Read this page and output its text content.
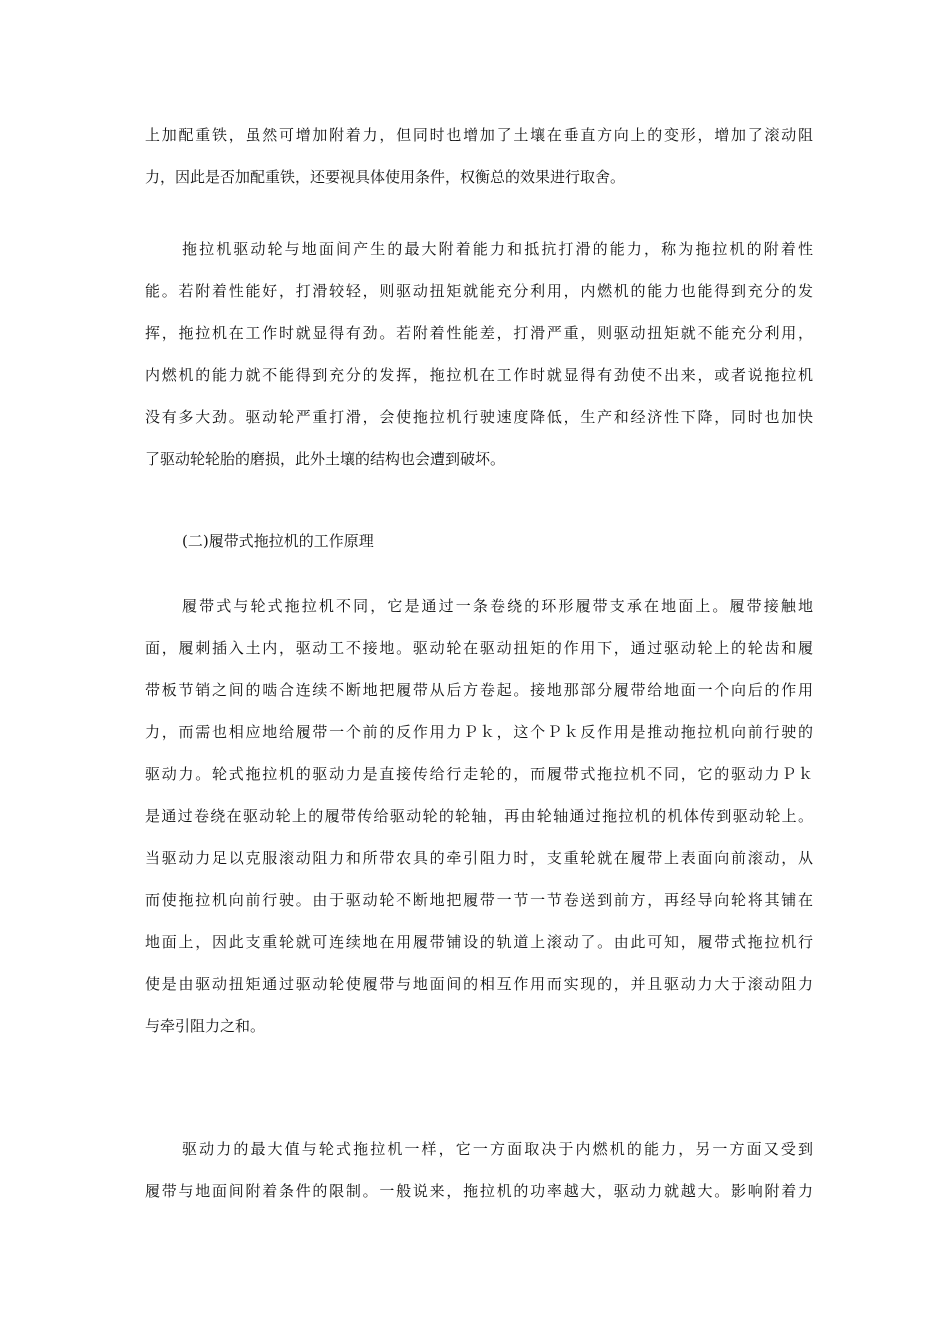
上加配重铁，虽然可增加附着力，但同时也增加了土壤在垂直方向上的变形，增加了滚动阻
力，因此是否加配重铁，还要视具体使用条件，权衡总的效果进行取舍。
拖拉机驱动轮与地面间产生的最大附着能力和抵抗打滑的能力，称为拖拉机的附着性
能。若附着性能好，打滑较轻，则驱动扭矩就能充分利用，内燃机的能力也能得到充分的发
挥，拖拉机在工作时就显得有劲。若附着性能差，打滑严重，则驱动扭矩就不能充分利用，
内燃机的能力就不能得到充分的发挥，拖拉机在工作时就显得有劲使不出来，或者说拖拉机
没有多大劲。驱动轮严重打滑，会使拖拉机行驶速度降低，生产和经济性下降，同时也加快
了驱动轮轮胎的磨损，此外土壤的结构也会遭到破坏。
(二)履带式拖拉机的工作原理
履带式与轮式拖拉机不同，它是通过一条卷绕的环形履带支承在地面上。履带接触地
面，履刺插入土内，驱动工不接地。驱动轮在驱动扭矩的作用下，通过驱动轮上的轮齿和履
带板节销之间的啮合连续不断地把履带从后方卷起。接地那部分履带给地面一个向后的作用
力，而需也相应地给履带一个前的反作用力Ｐｋ，这个Ｐｋ反作用是推动拖拉机向前行驶的
驱动力。轮式拖拉机的驱动力是直接传给行走轮的，而履带式拖拉机不同，它的驱动力Ｐｋ
是通过卷绕在驱动轮上的履带传给驱动轮的轮轴，再由轮轴通过拖拉机的机体传到驱动轮上。
当驱动力足以克服滚动阻力和所带农具的牵引阻力时，支重轮就在履带上表面向前滚动，从
而使拖拉机向前行驶。由于驱动轮不断地把履带一节一节卷送到前方，再经导向轮将其铺在
地面上，因此支重轮就可连续地在用履带铺设的轨道上滚动了。由此可知，履带式拖拉机行
使是由驱动扭矩通过驱动轮使履带与地面间的相互作用而实现的，并且驱动力大于滚动阻力
与牵引阻力之和。
驱动力的最大值与轮式拖拉机一样，它一方面取决于内燃机的能力，另一方面又受到
履带与地面间附着条件的限制。一般说来，拖拉机的功率越大，驱动力就越大。影响附着力
